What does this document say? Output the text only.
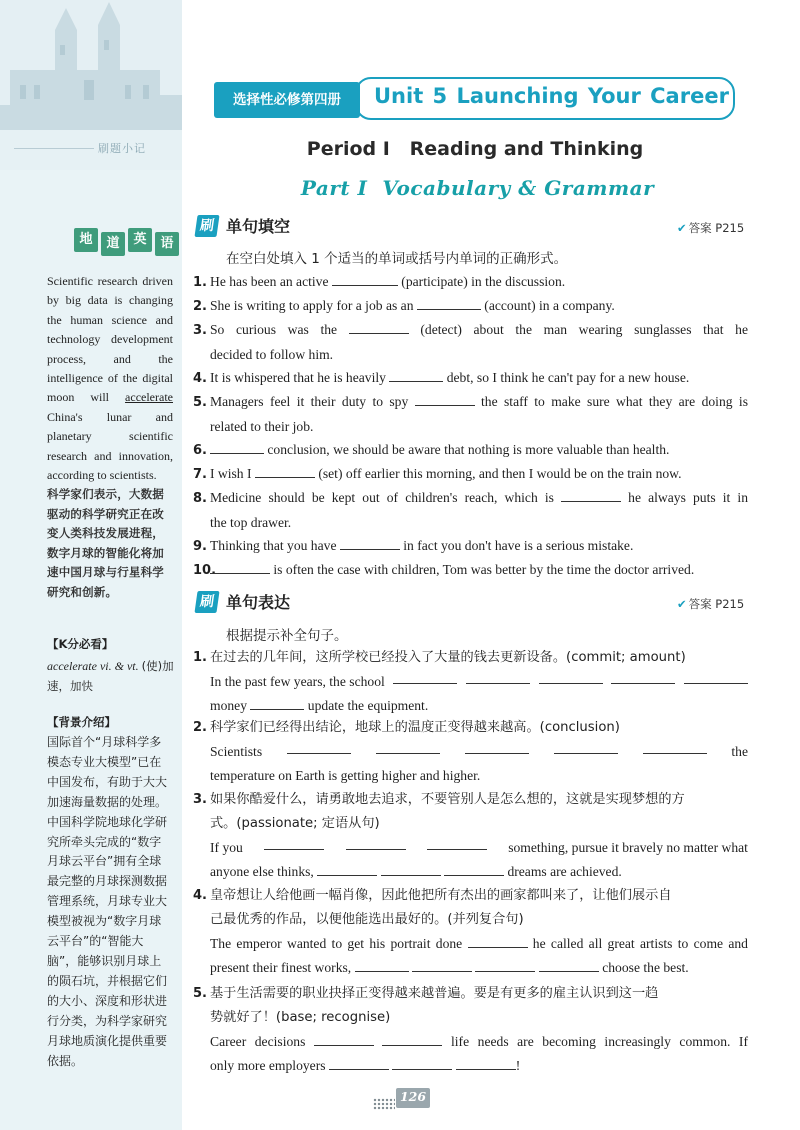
刷题小记
地	道	英	语

Scientific research driven by big data is changing the human science and technology development process, and the intelligence of the digital moon will accelerate China's lunar and planetary scientific research and innovation, according to scientists.

科学家们表示，大数据驱动的科学研究正在改变人类科技发展进程，数字月球的智能化将加速中国月球与行星科学研究和创新。

【K分必看】
accelerate vi. & vt. (使)加速，加快
【背景介绍】
国际首个“月球科学多模态专业大模型”已在中国发布，有助于大大加速海量数据的处理。中国科学院地球化学研究所牵头完成的“数字月球云平台”拥有全球最完整的月球探测数据管理系统，月球专业大模型被视为“数字月球云平台”的“智能大脑”，能够识别月球上的陨石坑，并根据它们的大小、深度和形状进行分类，为科学家研究月球地质演化提供重要依据。
选择性必修第四册	Unit 5 Launching Your Career
Period I   Reading and Thinking
Part I  Vocabulary & Grammar
刷 单句填空	✔ 答案 P215
在空白处填入 1 个适当的单词或括号内单词的正确形式。
1. He has been an active	(participate) in the discussion.
2. She is writing to apply for a job as an	(account) in a company.
3. So curious was the	(detect) about the man wearing sunglasses that he
decided to follow him.
4. It is whispered that he is heavily	debt, so I think he can't pay for a new house.
5. Managers feel it their duty to spy	the staff to make sure what they are doing is
related to their job.
6.	conclusion, we should be aware that nothing is more valuable than health.
7. I wish I	(set) off earlier this morning, and then I would be on the train now.
8. Medicine should be kept out of children's reach, which is	he always puts it in
the top drawer.
9. Thinking that you have	in fact you don't have is a serious mistake.
10.	is often the case with children, Tom was better by the time the doctor arrived.
刷 单句表达	✔ 答案 P215
根据提示补全句子。
1. 在过去的几年间，这所学校已经投入了大量的钱去更新设备。(commit; amount)
In the past few years, the school
money	update the equipment.
2. 科学家们已经得出结论，地球上的温度正变得越来越高。(conclusion)
Scientists	the
temperature on Earth is getting higher and higher.
3. 如果你酷爱什么，请勇敢地去追求，不要管别人是怎么想的，这就是实现梦想的方
式。(passionate; 定语从句)
If you	something, pursue it bravely no matter what
anyone else thinks,	dreams are achieved.
4. 皇帝想让人给他画一幅肖像，因此他把所有杰出的画家都叫来了，让他们展示自
己最优秀的作品，以便他能选出最好的。(并列复合句)
The emperor wanted to get his portrait done	he called all great artists to come and
present their finest works,	choose the best.
5. 基于生活需要的职业抉择正变得越来越普遍。要是有更多的雇主认识到这一趋
势就好了！(base; recognise)
Career decisions	life needs are becoming increasingly common. If
only more employers	!
126
